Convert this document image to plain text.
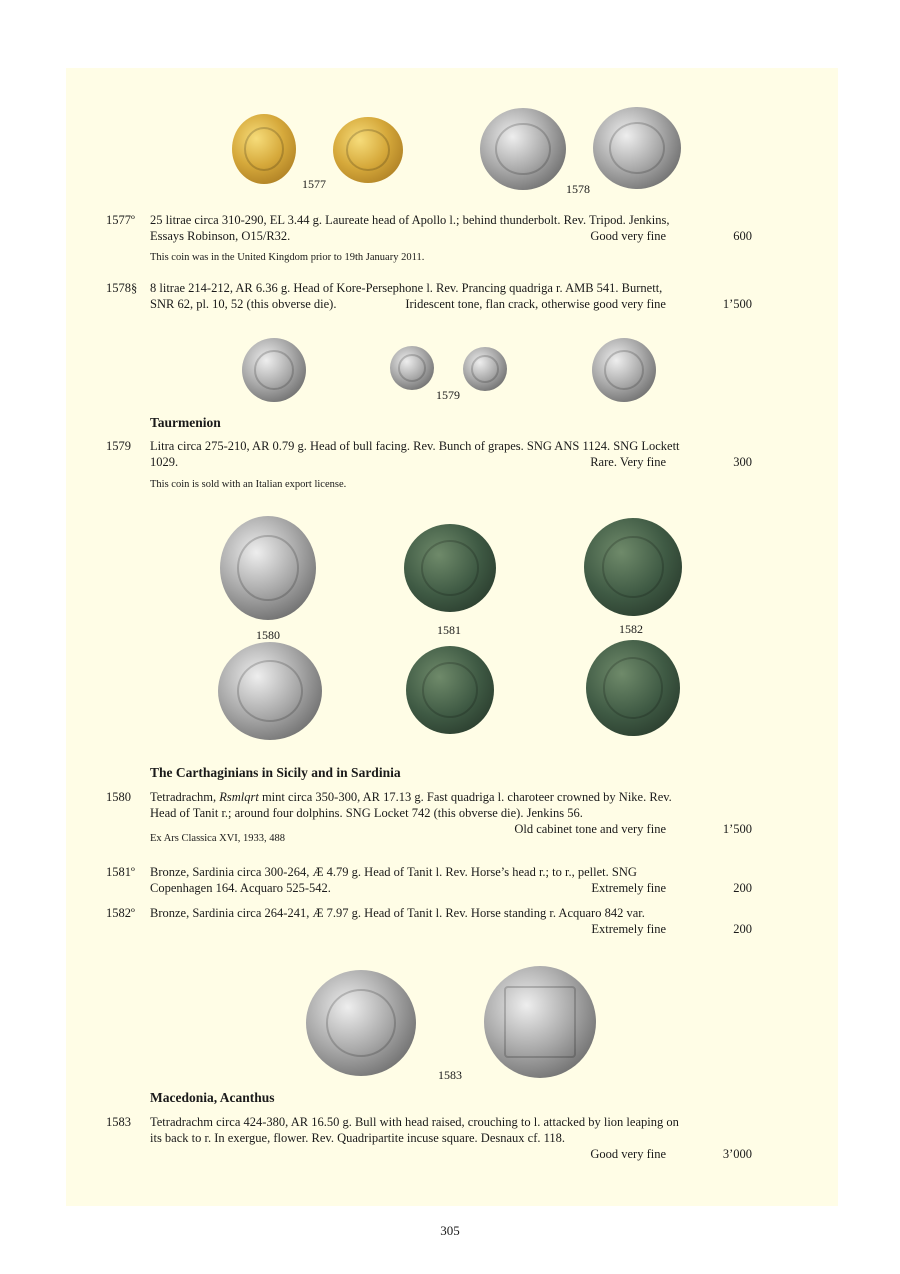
1577	1578
1577º	25 litrae circa 310-290, EL 3.44 g. Laureate head of Apollo l.; behind thunderbolt. Rev. Tripod. Jenkins,
Essays Robinson, O15/R32.	Good very fine	600
This coin was in the United Kingdom prior to 19th January 2011.
1578§	8 litrae 214-212, AR 6.36 g. Head of Kore-Persephone l. Rev. Prancing quadriga r. AMB 541. Burnett,
SNR 62, pl. 10, 52 (this obverse die).	Iridescent tone, flan crack, otherwise good very fine	1’500
1579
Taurmenion
1579	Litra circa 275-210, AR 0.79 g. Head of bull facing. Rev. Bunch of grapes. SNG ANS 1124. SNG Lockett
1029.	Rare. Very fine	300
This coin is sold with an Italian export license.
1580	1581	1582
The Carthaginians in Sicily and in Sardinia
1580	Tetradrachm, Rsmlqrt mint circa 350-300, AR 17.13 g. Fast quadriga l. charoteer crowned by Nike. Rev.
Head of Tanit r.; around four dolphins. SNG Locket 742 (this obverse die). Jenkins 56.
Old cabinet tone and very fine	1’500
Ex Ars Classica XVI, 1933, 488
1581º	Bronze, Sardinia circa 300-264, Æ 4.79 g. Head of Tanit l. Rev. Horse’s head r.; to r., pellet. SNG
Copenhagen 164. Acquaro 525-542.	Extremely fine	200
1582º	Bronze, Sardinia circa 264-241, Æ 7.97 g. Head of Tanit l. Rev. Horse standing r. Acquaro 842 var.
Extremely fine	200
1583
Macedonia, Acanthus
1583	Tetradrachm circa 424-380, AR 16.50 g. Bull with head raised, crouching to l. attacked by lion leaping on
its back to r. In exergue, flower. Rev. Quadripartite incuse square. Desnaux cf. 118.
Good very fine	3’000
305
